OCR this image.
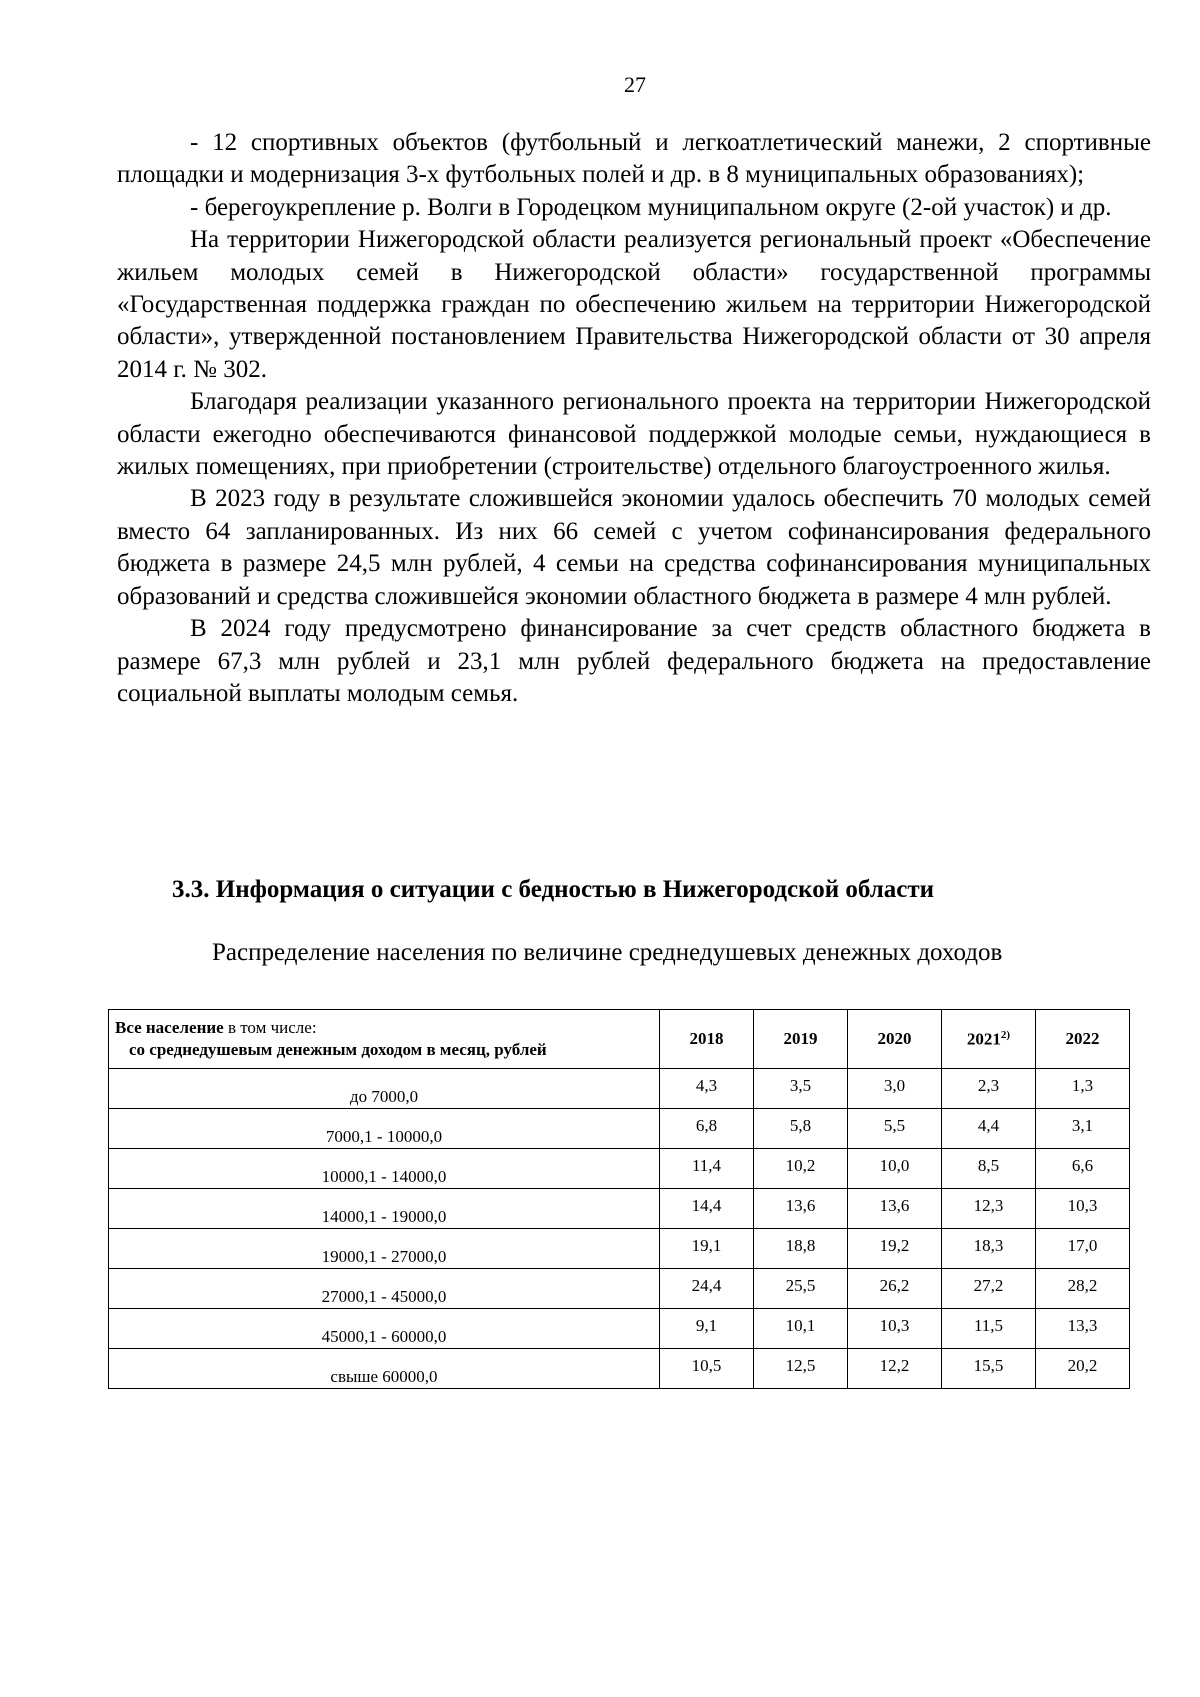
27

- 12 спортивных объектов (футбольный и легкоатлетический манежи, 2 спортивные площадки и модернизация 3-х футбольных полей и др. в 8 муниципальных образованиях);

- берегоукрепление р. Волги в Городецком муниципальном округе (2-ой участок) и др.

На территории Нижегородской области реализуется региональный проект «Обеспечение жильем молодых семей в Нижегородской области» государственной программы «Государственная поддержка граждан по обеспечению жильем на территории Нижегородской области», утвержденной постановлением Правительства Нижегородской области от 30 апреля 2014 г. № 302.

Благодаря реализации указанного регионального проекта на территории Нижегородской области ежегодно обеспечиваются финансовой поддержкой молодые семьи, нуждающиеся в жилых помещениях, при приобретении (строительстве) отдельного благоустроенного жилья.

В 2023 году в результате сложившейся экономии удалось обеспечить 70 молодых семей вместо 64 запланированных. Из них 66 семей с учетом софинансирования федерального бюджета в размере 24,5 млн рублей, 4 семьи на средства софинансирования муниципальных образований и средства сложившейся экономии областного бюджета в размере 4 млн рублей.

В 2024 году предусмотрено финансирование за счет средств областного бюджета в размере 67,3 млн рублей и 23,1 млн рублей федерального бюджета на предоставление социальной выплаты молодым семья.

3.3. Информация о ситуации с бедностью в Нижегородской области
Распределение населения по величине среднедушевых денежных доходов
Все население в том числе:
со среднедушевым денежным доходом в месяц, рублей	2018	2019	2020	2021$^{2)}$	2022
до 7000,0	4,3	3,5	3,0	2,3	1,3
7000,1 - 10000,0	6,8	5,8	5,5	4,4	3,1
10000,1 - 14000,0	11,4	10,2	10,0	8,5	6,6
14000,1 - 19000,0	14,4	13,6	13,6	12,3	10,3
19000,1 - 27000,0	19,1	18,8	19,2	18,3	17,0
27000,1 - 45000,0	24,4	25,5	26,2	27,2	28,2
45000,1 - 60000,0	9,1	10,1	10,3	11,5	13,3
свыше 60000,0	10,5	12,5	12,2	15,5	20,2
